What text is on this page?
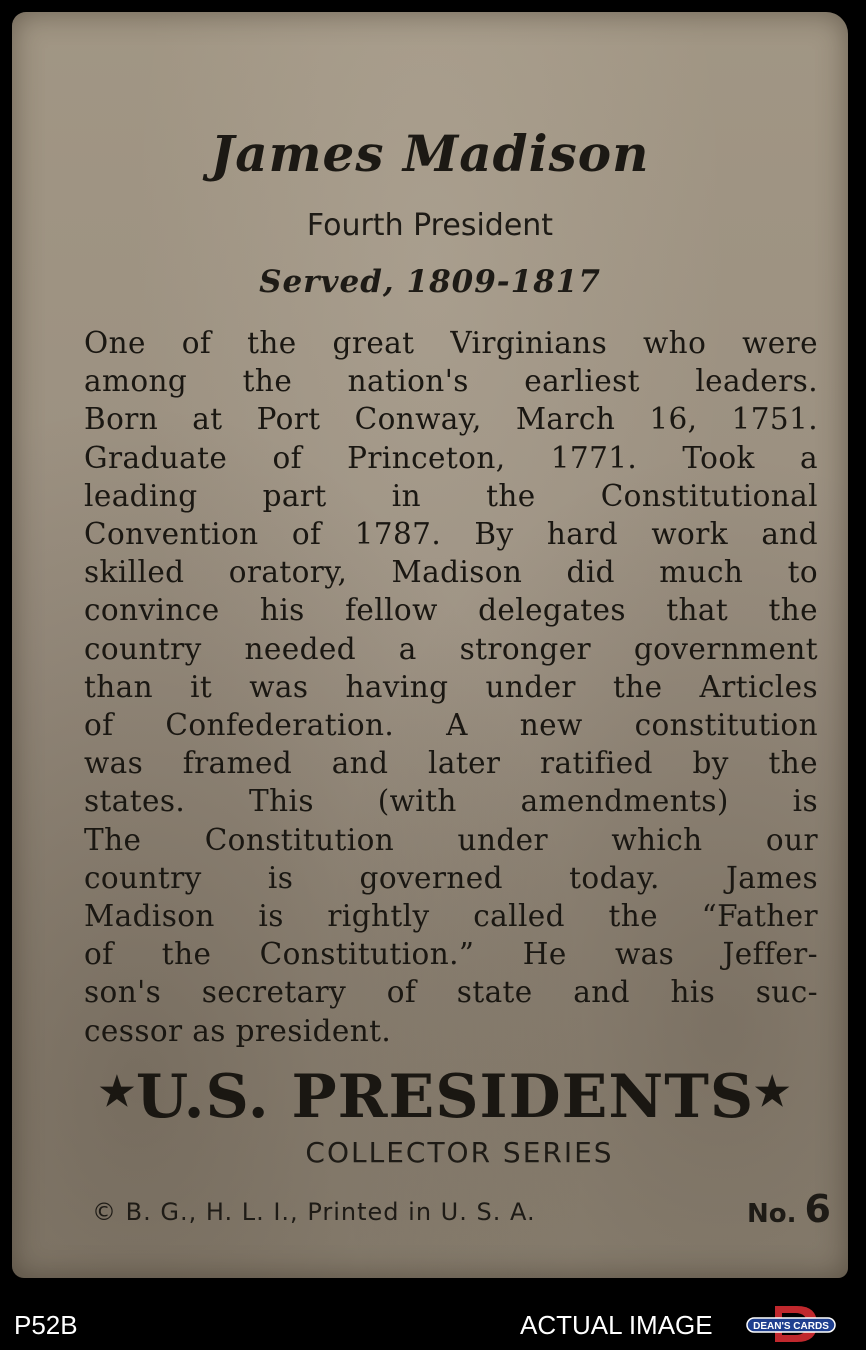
James Madison
Fourth President
Served, 1809-1817
One of the great Virginians who were
among the nation's earliest leaders.
Born at Port Conway, March 16, 1751.
Graduate of Princeton, 1771. Took a
leading part in the Constitutional
Convention of 1787. By hard work and
skilled oratory, Madison did much to
convince his fellow delegates that the
country needed a stronger government
than it was having under the Articles
of Confederation. A new constitution
was framed and later ratified by the
states. This (with amendments) is
The Constitution under which our
country is governed today. James
Madison is rightly called the “Father
of the Constitution.” He was Jeffer-
son's secretary of state and his suc-
cessor as president.
★U.S. PRESIDENTS★
COLLECTOR SERIES
© B. G., H. L. I., Printed in U. S. A.	No. 6
P52B	ACTUAL IMAGE	DEAN'S CARDS
